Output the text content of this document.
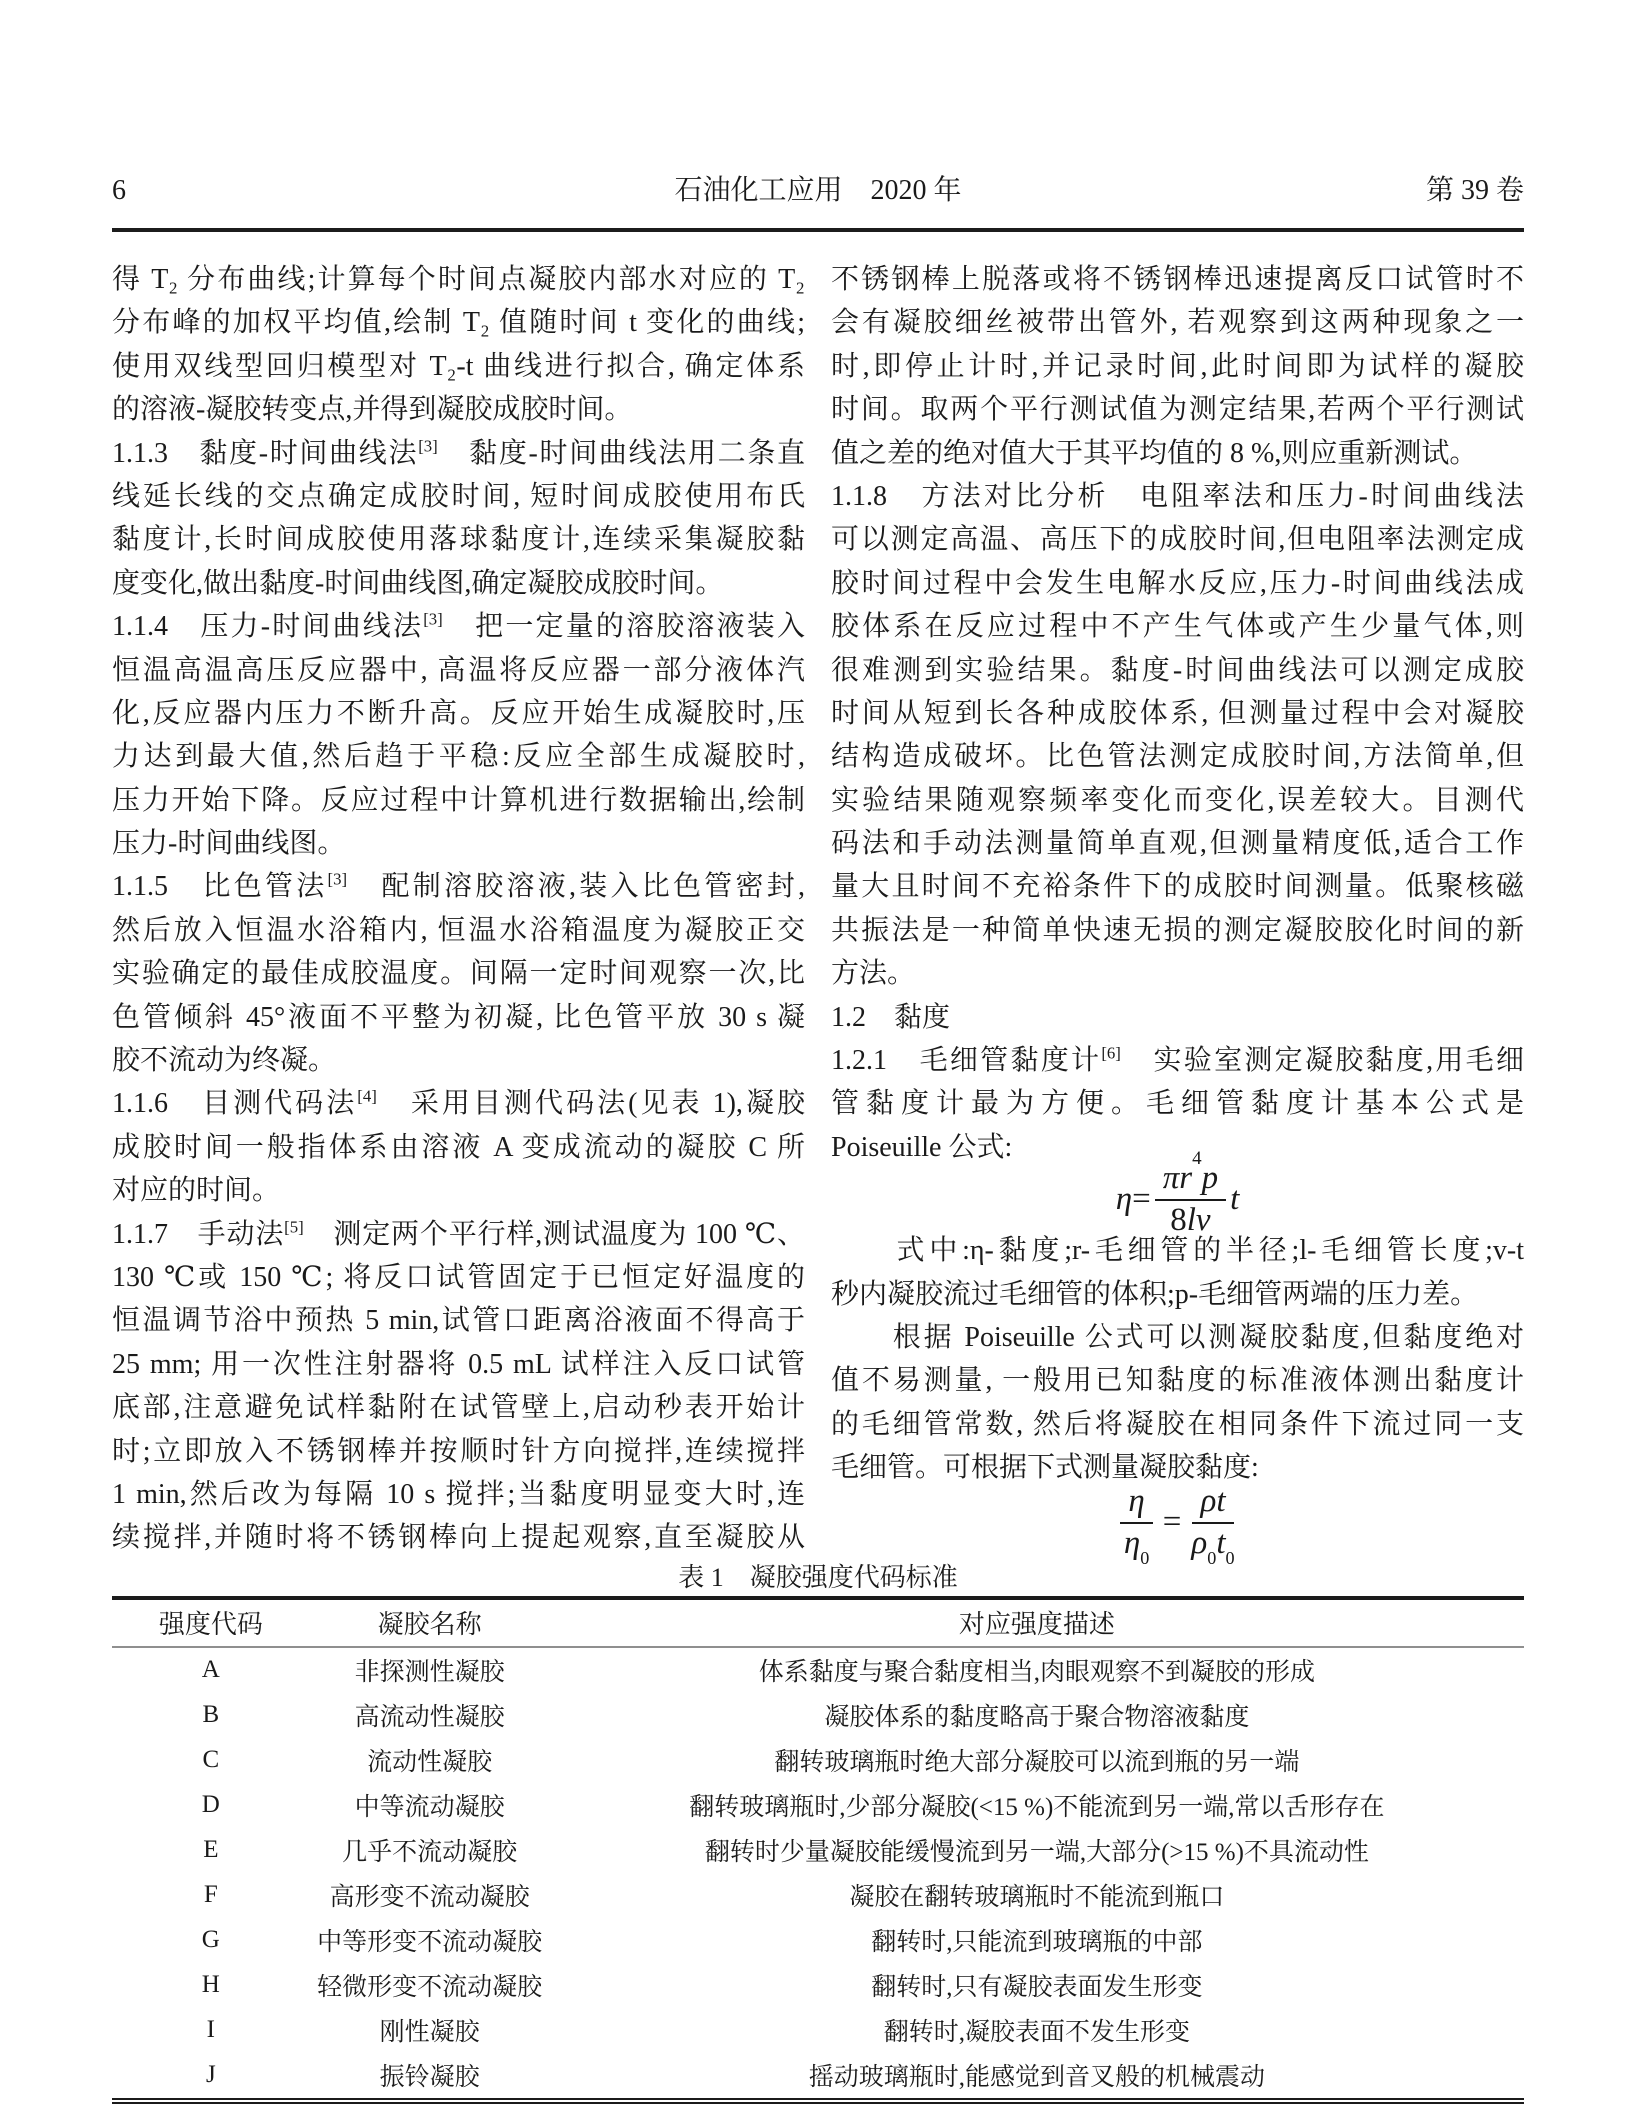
6	石油化工应用　2020 年	第 39 卷
得 T₂ 分布曲线;计算每个时间点凝胶内部水对应的 T₂
分布峰的加权平均值,绘制 T₂ 值随时间 t 变化的曲线;
使用双线型回归模型对 T₂-t 曲线进行拟合, 确定体系
的溶液-凝胶转变点,并得到凝胶成胶时间。
1.1.3　黏度-时间曲线法[3]　黏度-时间曲线法用二条直
线延长线的交点确定成胶时间, 短时间成胶使用布氏
黏度计,长时间成胶使用落球黏度计,连续采集凝胶黏
度变化,做出黏度-时间曲线图,确定凝胶成胶时间。
1.1.4　压力-时间曲线法[3]　把一定量的溶胶溶液装入
恒温高温高压反应器中, 高温将反应器一部分液体汽
化,反应器内压力不断升高。反应开始生成凝胶时,压
力达到最大值,然后趋于平稳:反应全部生成凝胶时,
压力开始下降。反应过程中计算机进行数据输出,绘制
压力-时间曲线图。
1.1.5　比色管法[3]　配制溶胶溶液,装入比色管密封,
然后放入恒温水浴箱内, 恒温水浴箱温度为凝胶正交
实验确定的最佳成胶温度。间隔一定时间观察一次,比
色管倾斜 45°液面不平整为初凝, 比色管平放 30 s 凝
胶不流动为终凝。
1.1.6　目测代码法[4]　采用目测代码法(见表 1),凝胶
成胶时间一般指体系由溶液 A 变成流动的凝胶 C 所
对应的时间。
1.1.7　手动法[5]　测定两个平行样,测试温度为 100 ℃、
130 ℃或 150 ℃; 将反口试管固定于已恒定好温度的
恒温调节浴中预热 5 min,试管口距离浴液面不得高于
25 mm; 用一次性注射器将 0.5 mL 试样注入反口试管
底部,注意避免试样黏附在试管壁上,启动秒表开始计
时;立即放入不锈钢棒并按顺时针方向搅拌,连续搅拌
1 min,然后改为每隔 10 s 搅拌;当黏度明显变大时,连
续搅拌,并随时将不锈钢棒向上提起观察,直至凝胶从
不锈钢棒上脱落或将不锈钢棒迅速提离反口试管时不
会有凝胶细丝被带出管外, 若观察到这两种现象之一
时,即停止计时,并记录时间,此时间即为试样的凝胶
时间。取两个平行测试值为测定结果,若两个平行测试
值之差的绝对值大于其平均值的 8 %,则应重新测试。
1.1.8　方法对比分析　电阻率法和压力-时间曲线法
可以测定高温、高压下的成胶时间,但电阻率法测定成
胶时间过程中会发生电解水反应,压力-时间曲线法成
胶体系在反应过程中不产生气体或产生少量气体,则
很难测到实验结果。黏度-时间曲线法可以测定成胶
时间从短到长各种成胶体系, 但测量过程中会对凝胶
结构造成破坏。比色管法测定成胶时间,方法简单,但
实验结果随观察频率变化而变化,误差较大。目测代
码法和手动法测量简单直观,但测量精度低,适合工作
量大且时间不充裕条件下的成胶时间测量。低聚核磁
共振法是一种简单快速无损的测定凝胶胶化时间的新
方法。
1.2　黏度
1.2.1　毛细管黏度计[6]　实验室测定凝胶黏度,用毛细
管黏度计最为方便。毛细管黏度计基本公式是
Poiseuille 公式:
$\eta = \frac{\pi r^4p}{8lv}$ t
　　式中:η-黏度;r-毛细管的半径;l-毛细管长度;v-t
秒内凝胶流过毛细管的体积;p-毛细管两端的压力差。
　　根据 Poiseuille 公式可以测凝胶黏度,但黏度绝对
值不易测量, 一般用已知黏度的标准液体测出黏度计
的毛细管常数, 然后将凝胶在相同条件下流过同一支
毛细管。可根据下式测量凝胶黏度:
$\frac{\eta}{\eta_0} = \frac{\rho t}{\rho_0t_0}$
表 1　凝胶强度代码标准
强度代码	凝胶名称	对应强度描述
A	非探测性凝胶	体系黏度与聚合黏度相当,肉眼观察不到凝胶的形成
B	高流动性凝胶	凝胶体系的黏度略高于聚合物溶液黏度
C	流动性凝胶	翻转玻璃瓶时绝大部分凝胶可以流到瓶的另一端
D	中等流动凝胶	翻转玻璃瓶时,少部分凝胶(<15 %)不能流到另一端,常以舌形存在
E	几乎不流动凝胶	翻转时少量凝胶能缓慢流到另一端,大部分(>15 %)不具流动性
F	高形变不流动凝胶	凝胶在翻转玻璃瓶时不能流到瓶口
G	中等形变不流动凝胶	翻转时,只能流到玻璃瓶的中部
H	轻微形变不流动凝胶	翻转时,只有凝胶表面发生形变
I	刚性凝胶	翻转时,凝胶表面不发生形变
J	振铃凝胶	摇动玻璃瓶时,能感觉到音叉般的机械震动
